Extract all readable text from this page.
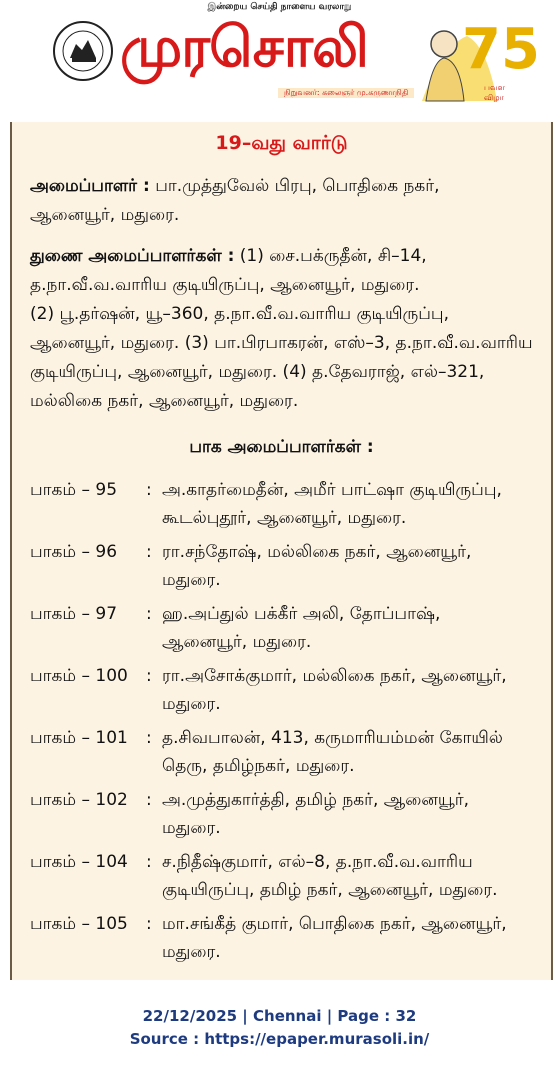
இன்றைய செய்தி நாளைய வரலாறு
முரசொலி
நிறுவனர்: கலைஞர் மு.கருணாநிதி
75
பவள
விழா
19–வது வார்டு
அமைப்பாளர் : பா.முத்துவேல் பிரபு, பொதிகை நகர்,
ஆனையூர், மதுரை.
துணை அமைப்பாளர்கள் : (1) சை.பக்ருதீன், சி–14,
த.நா.வீ.வ.வாரிய குடியிருப்பு, ஆனையூர், மதுரை.
(2) பூ.தர்ஷன், யூ–360, த.நா.வீ.வ.வாரிய குடியிருப்பு,
ஆனையூர், மதுரை. (3) பா.பிரபாகரன், எஸ்–3, த.நா.வீ.வ.வாரிய
குடியிருப்பு, ஆனையூர், மதுரை. (4) த.தேவராஜ், எல்–321,
மல்லிகை நகர், ஆனையூர், மதுரை.
பாக அமைப்பாளர்கள் :
பாகம் – 95	: அ.காதர்மைதீன், அமீர் பாட்ஷா குடியிருப்பு,
கூடல்புதூர், ஆனையூர், மதுரை.
பாகம் – 96	: ரா.சந்தோஷ், மல்லிகை நகர், ஆனையூர்,
மதுரை.
பாகம் – 97	: ஹ.அப்துல் பக்கீர் அலி, தோப்பாஷ்,
ஆனையூர், மதுரை.
பாகம் – 100	: ரா.அசோக்குமார், மல்லிகை நகர், ஆனையூர்,
மதுரை.
பாகம் – 101	: த.சிவபாலன், 413, கருமாரியம்மன் கோயில்
தெரு, தமிழ்நகர், மதுரை.
பாகம் – 102	: அ.முத்துகார்த்தி, தமிழ் நகர், ஆனையூர்,
மதுரை.
பாகம் – 104	: ச.நிதீஷ்குமார், எல்–8, த.நா.வீ.வ.வாரிய
குடியிருப்பு, தமிழ் நகர், ஆனையூர், மதுரை.
பாகம் – 105	: மா.சங்கீத் குமார், பொதிகை நகர், ஆனையூர்,
மதுரை.
22/12/2025 | Chennai | Page : 32
Source : https://epaper.murasoli.in/
